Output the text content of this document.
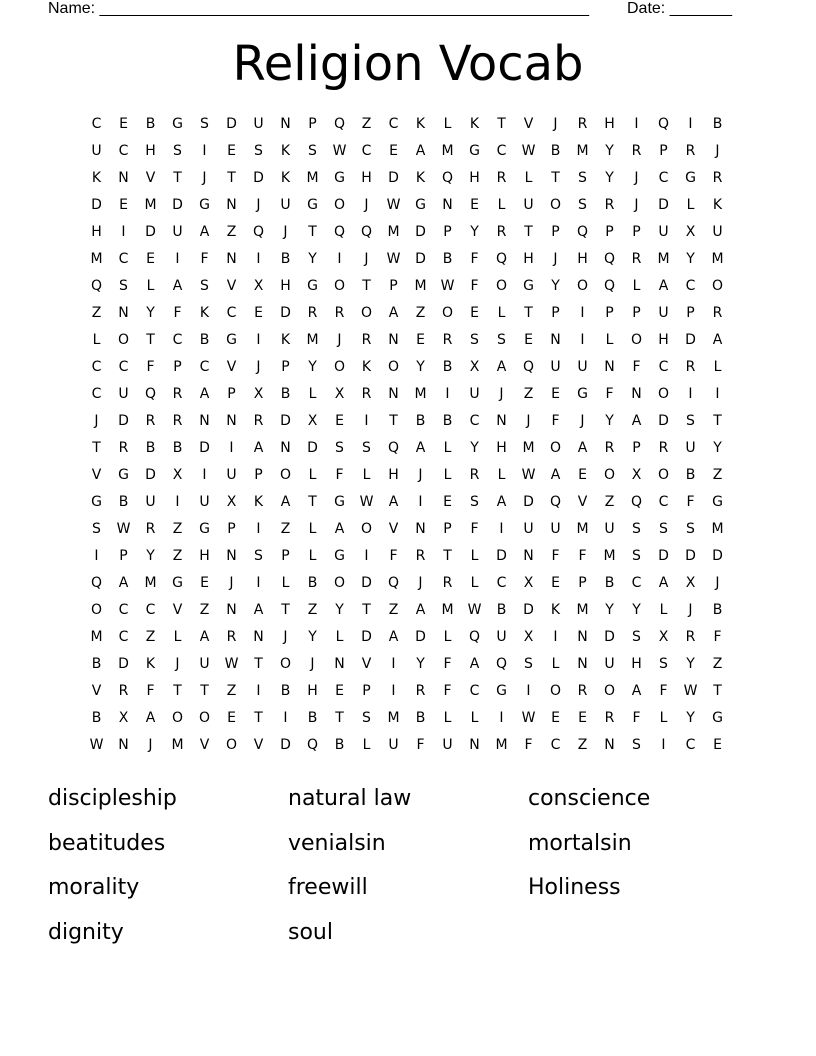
Name: _______________________________________________________ Date: _______
Religion Vocab
C	E	B	G	S	D	U	N	P	Q	Z	C	K	L	K	T	V	J	R	H	I	Q	I	B
U	C	H	S	I	E	S	K	S	W	C	E	A	M	G	C	W	B	M	Y	R	P	R	J
K	N	V	T	J	T	D	K	M	G	H	D	K	Q	H	R	L	T	S	Y	J	C	G	R
D	E	M	D	G	N	J	U	G	O	J	W	G	N	E	L	U	O	S	R	J	D	L	K
H	I	D	U	A	Z	Q	J	T	Q	Q	M	D	P	Y	R	T	P	Q	P	P	U	X	U
M	C	E	I	F	N	I	B	Y	I	J	W	D	B	F	Q	H	J	H	Q	R	M	Y	M
Q	S	L	A	S	V	X	H	G	O	T	P	M	W	F	O	G	Y	O	Q	L	A	C	O
Z	N	Y	F	K	C	E	D	R	R	O	A	Z	O	E	L	T	P	I	P	P	U	P	R
L	O	T	C	B	G	I	K	M	J	R	N	E	R	S	S	E	N	I	L	O	H	D	A
C	C	F	P	C	V	J	P	Y	O	K	O	Y	B	X	A	Q	U	U	N	F	C	R	L
C	U	Q	R	A	P	X	B	L	X	R	N	M	I	U	J	Z	E	G	F	N	O	I	I
J	D	R	R	N	N	R	D	X	E	I	T	B	B	C	N	J	F	J	Y	A	D	S	T
T	R	B	B	D	I	A	N	D	S	S	Q	A	L	Y	H	M	O	A	R	P	R	U	Y
V	G	D	X	I	U	P	O	L	F	L	H	J	L	R	L	W	A	E	O	X	O	B	Z
G	B	U	I	U	X	K	A	T	G	W	A	I	E	S	A	D	Q	V	Z	Q	C	F	G
S	W	R	Z	G	P	I	Z	L	A	O	V	N	P	F	I	U	U	M	U	S	S	S	M
I	P	Y	Z	H	N	S	P	L	G	I	F	R	T	L	D	N	F	F	M	S	D	D	D
Q	A	M	G	E	J	I	L	B	O	D	Q	J	R	L	C	X	E	P	B	C	A	X	J
O	C	C	V	Z	N	A	T	Z	Y	T	Z	A	M	W	B	D	K	M	Y	Y	L	J	B
M	C	Z	L	A	R	N	J	Y	L	D	A	D	L	Q	U	X	I	N	D	S	X	R	F
B	D	K	J	U	W	T	O	J	N	V	I	Y	F	A	Q	S	L	N	U	H	S	Y	Z
V	R	F	T	T	Z	I	B	H	E	P	I	R	F	C	G	I	O	R	O	A	F	W	T
B	X	A	O	O	E	T	I	B	T	S	M	B	L	L	I	W	E	E	R	F	L	Y	G
W	N	J	M	V	O	V	D	Q	B	L	U	F	U	N	M	F	C	Z	N	S	I	C	E
discipleship	natural law	conscience
beatitudes	venialsin	mortalsin
morality	freewill	Holiness
dignity	soul
